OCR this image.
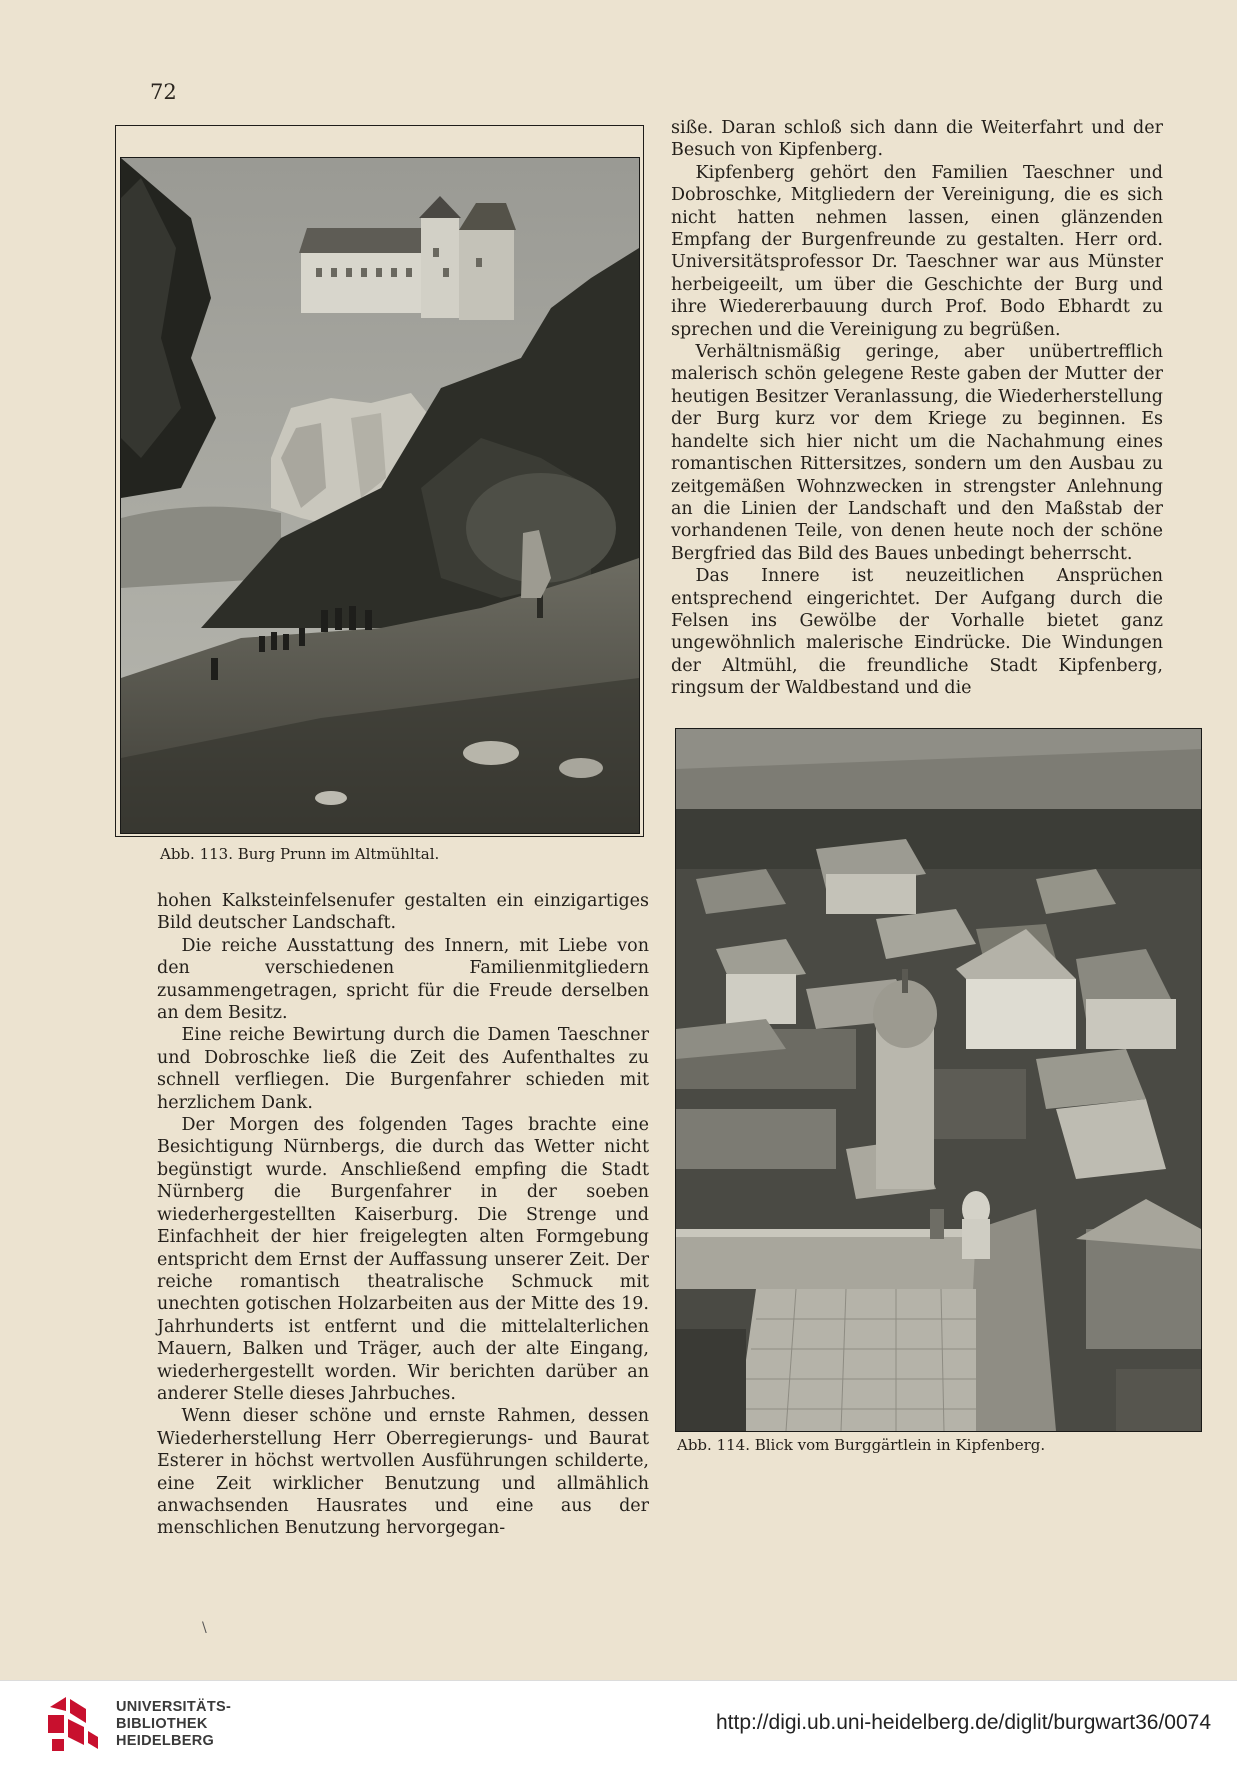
72
Abb. 113. Burg Prunn im Altmühltal.

siße. Daran schloß sich dann die Weiterfahrt und der Besuch von Kipfenberg.

Kipfenberg gehört den Familien Taeschner und Dobroschke, Mitgliedern der Vereinigung, die es sich nicht hatten nehmen lassen, einen glänzenden Empfang der Burgenfreunde zu gestalten. Herr ord. Universitätsprofessor Dr. Taeschner war aus Münster herbeigeeilt, um über die Geschichte der Burg und ihre Wiedererbauung durch Prof. Bodo Ebhardt zu sprechen und die Vereinigung zu begrüßen.

Verhältnismäßig geringe, aber unübertrefflich malerisch schön gelegene Reste gaben der Mutter der heutigen Besitzer Veranlassung, die Wiederherstellung der Burg kurz vor dem Kriege zu beginnen. Es handelte sich hier nicht um die Nachahmung eines romantischen Rittersitzes, sondern um den Ausbau zu zeitgemäßen Wohnzwecken in strengster Anlehnung an die Linien der Landschaft und den Maßstab der vorhandenen Teile, von denen heute noch der schöne Bergfried das Bild des Baues unbedingt beherrscht.

Das Innere ist neuzeitlichen Ansprüchen entsprechend eingerichtet. Der Aufgang durch die Felsen ins Gewölbe der Vorhalle bietet ganz ungewöhnlich malerische Eindrücke. Die Windungen der Altmühl, die freundliche Stadt Kipfenberg, ringsum der Waldbestand und die

Abb. 114. Blick vom Burggärtlein in Kipfenberg.

hohen Kalksteinfelsenufer gestalten ein einzigartiges Bild deutscher Landschaft.

Die reiche Ausstattung des Innern, mit Liebe von den verschiedenen Familienmitgliedern zusammengetragen, spricht für die Freude derselben an dem Besitz.

Eine reiche Bewirtung durch die Damen Taeschner und Dobroschke ließ die Zeit des Aufenthaltes zu schnell verfliegen. Die Burgenfahrer schieden mit herzlichem Dank.

Der Morgen des folgenden Tages brachte eine Besichtigung Nürnbergs, die durch das Wetter nicht begünstigt wurde. Anschließend empfing die Stadt Nürnberg die Burgenfahrer in der soeben wiederhergestellten Kaiserburg. Die Strenge und Einfachheit der hier freigelegten alten Formgebung entspricht dem Ernst der Auffassung unserer Zeit. Der reiche romantisch theatralische Schmuck mit unechten gotischen Holzarbeiten aus der Mitte des 19. Jahrhunderts ist entfernt und die mittelalterlichen Mauern, Balken und Träger, auch der alte Eingang, wiederhergestellt worden. Wir berichten darüber an anderer Stelle dieses Jahrbuches.

Wenn dieser schöne und ernste Rahmen, dessen Wiederherstellung Herr Oberregierungs- und Baurat Esterer in höchst wertvollen Ausführungen schilderte, eine Zeit wirklicher Benutzung und allmählich anwachsenden Hausrates und eine aus der menschlichen Benutzung hervorgegan-

\
UNIVERSITÄTS-
BIBLIOTHEK
HEIDELBERG
http://digi.ub.uni-heidelberg.de/diglit/burgwart36/0074
